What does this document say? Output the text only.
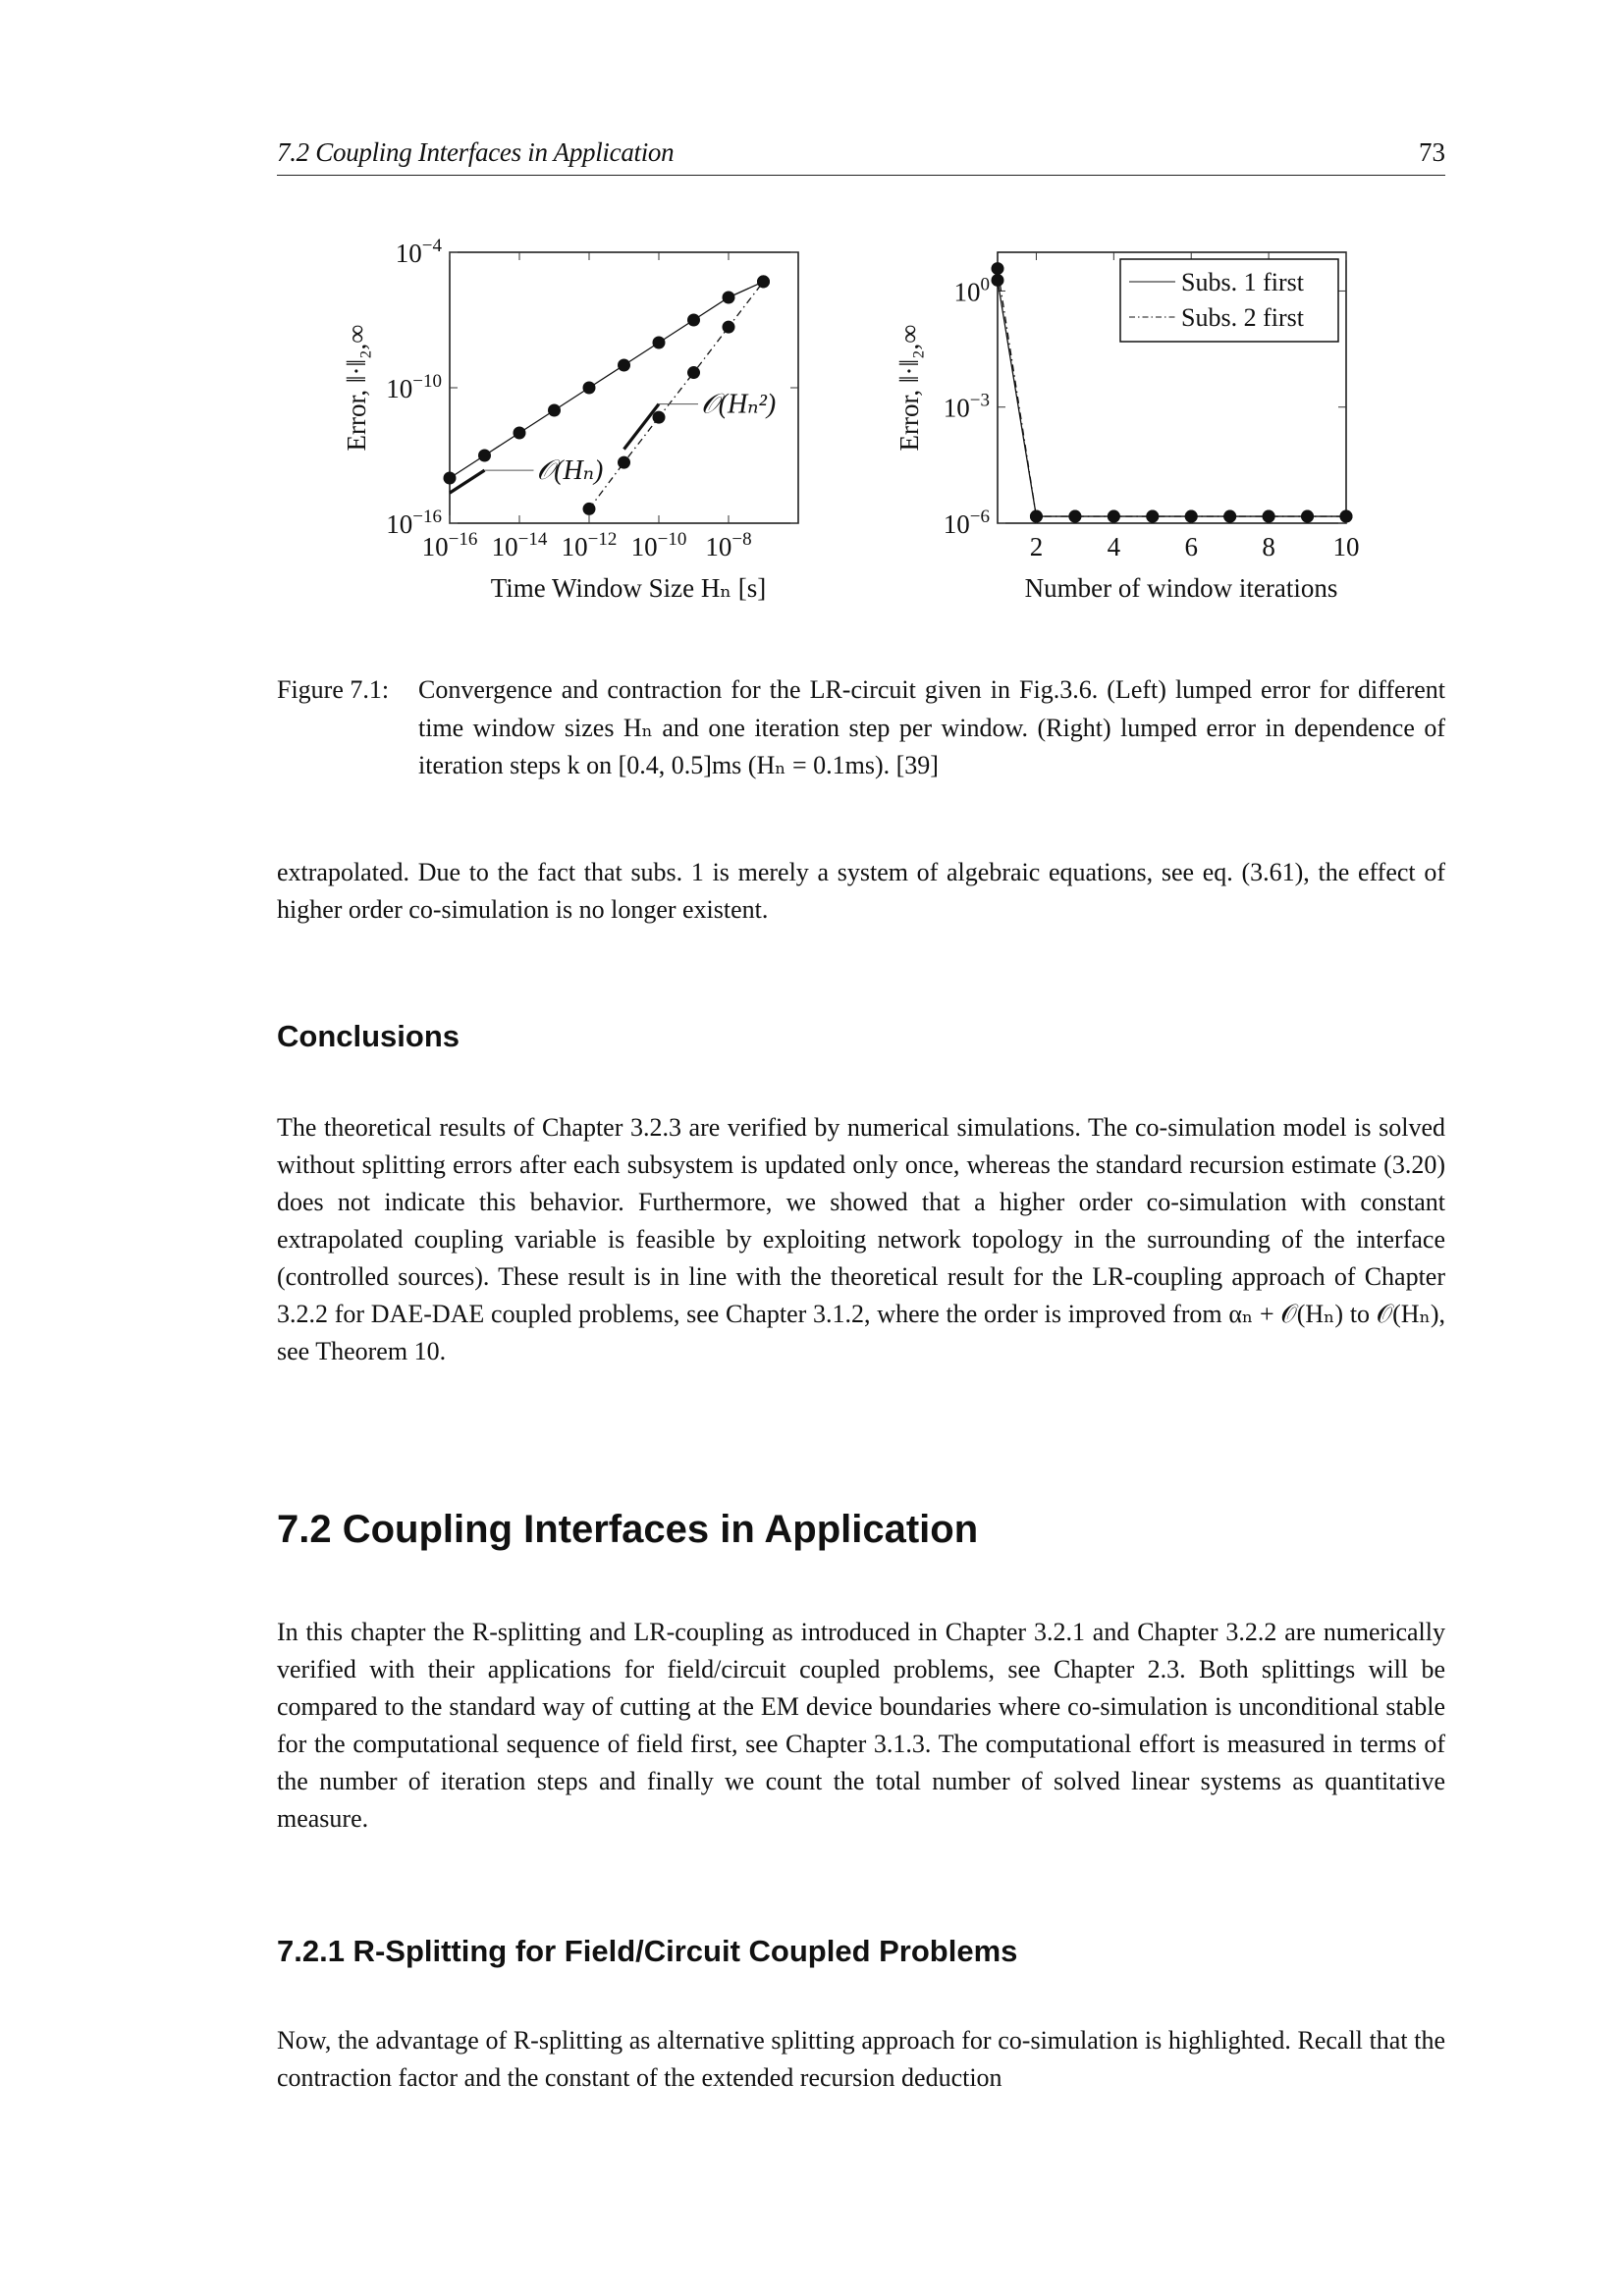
7.2 Coupling Interfaces in Application	73
$10^{-16}$ $10^{-14}$ $10^{-12}$ $10^{-10}$ $10^{-8}$
$10^{-16}$
$10^{-10}$
$10^{-4}$
𝒪(Hₙ)
𝒪(Hₙ²)
Error, ‖·‖₂,∞
Time Window Size Hₙ [s]
2 4 6 8 10
$10^{-6}$
$10^{-3}$
$10^0$	Subs. 1 first
Subs. 2 first
Error, ‖·‖₂,∞
Number of window iterations
Figure 7.1: Convergence and contraction for the LR-circuit given in Fig.3.6. (Left) lumped error for different time window sizes Hₙ and one iteration step per window. (Right) lumped error in dependence of iteration steps k on [0.4, 0.5]ms (Hₙ = 0.1ms). [39]
extrapolated. Due to the fact that subs. 1 is merely a system of algebraic equations, see eq. (3.61), the effect of higher order co-simulation is no longer existent.
Conclusions
The theoretical results of Chapter 3.2.3 are verified by numerical simulations. The co-simulation model is solved without splitting errors after each subsystem is updated only once, whereas the standard recursion estimate (3.20) does not indicate this behavior. Furthermore, we showed that a higher order co-simulation with constant extrapolated coupling variable is feasible by exploiting network topology in the surrounding of the interface (controlled sources). These result is in line with the theoretical result for the LR-coupling approach of Chapter 3.2.2 for DAE-DAE coupled problems, see Chapter 3.1.2, where the order is improved from αₙ + 𝒪(Hₙ) to 𝒪(Hₙ), see Theorem 10.
7.2 Coupling Interfaces in Application
In this chapter the R-splitting and LR-coupling as introduced in Chapter 3.2.1 and Chapter 3.2.2 are numerically verified with their applications for field/circuit coupled problems, see Chapter 2.3. Both splittings will be compared to the standard way of cutting at the EM device boundaries where co-simulation is unconditional stable for the computational sequence of field first, see Chapter 3.1.3. The computational effort is measured in terms of the number of iteration steps and finally we count the total number of solved linear systems as quantitative measure.
7.2.1 R-Splitting for Field/Circuit Coupled Problems
Now, the advantage of R-splitting as alternative splitting approach for co-simulation is highlighted. Recall that the contraction factor and the constant of the extended recursion deduction
